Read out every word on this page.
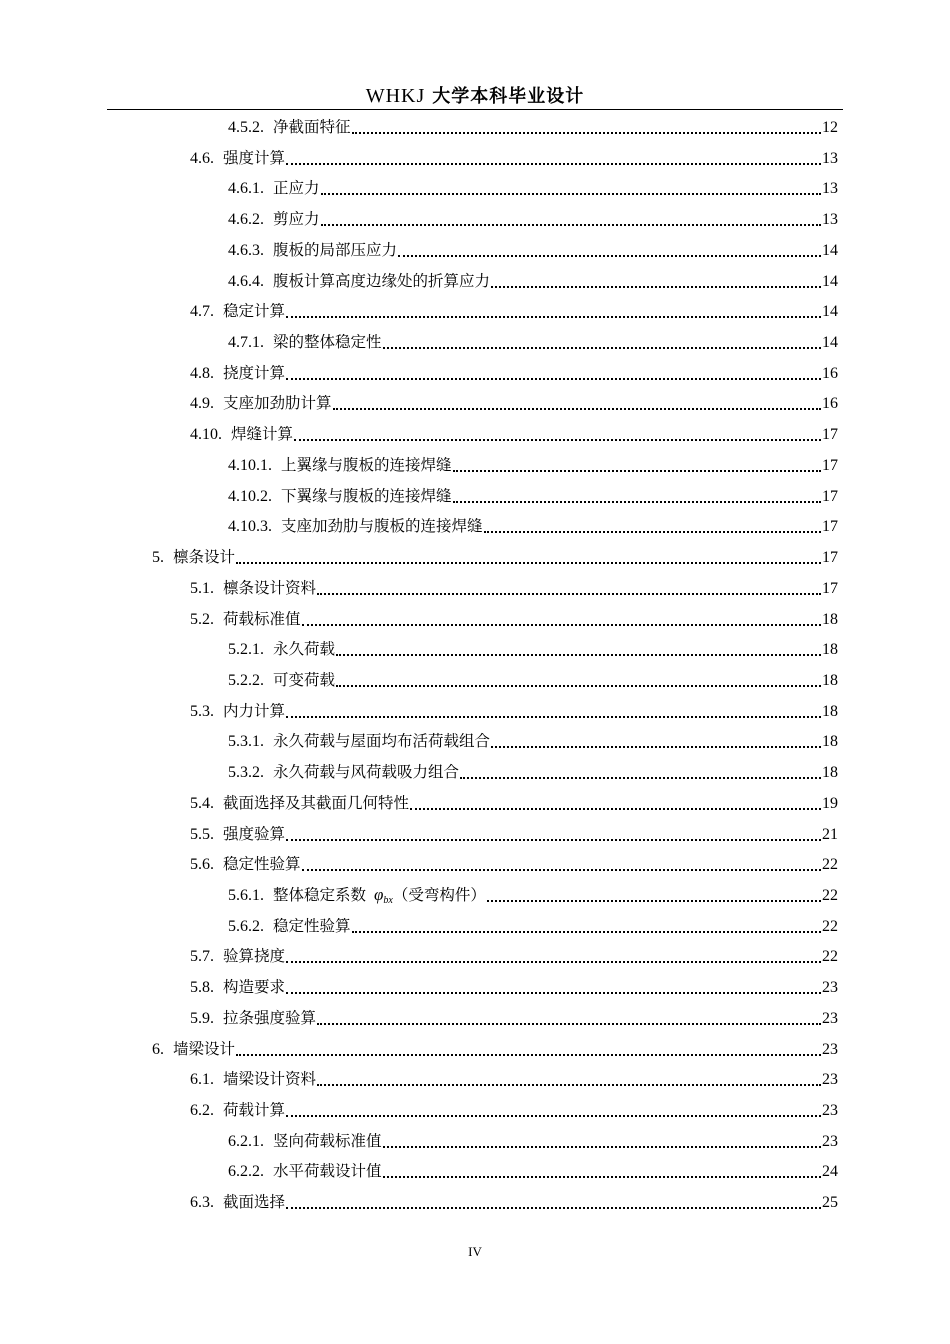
WHKJ 大学本科毕业设计
4.5.2. 净截面特征	12
4.6. 强度计算	13
4.6.1. 正应力	13
4.6.2. 剪应力	13
4.6.3. 腹板的局部压应力	14
4.6.4. 腹板计算高度边缘处的折算应力	14
4.7. 稳定计算	14
4.7.1. 梁的整体稳定性	14
4.8. 挠度计算	16
4.9. 支座加劲肋计算	16
4.10. 焊缝计算	17
4.10.1. 上翼缘与腹板的连接焊缝	17
4.10.2. 下翼缘与腹板的连接焊缝	17
4.10.3. 支座加劲肋与腹板的连接焊缝	17
5. 檩条设计	17
5.1. 檩条设计资料	17
5.2. 荷载标准值	18
5.2.1. 永久荷载	18
5.2.2. 可变荷载	18
5.3. 内力计算	18
5.3.1. 永久荷载与屋面均布活荷载组合	18
5.3.2. 永久荷载与风荷载吸力组合	18
5.4. 截面选择及其截面几何特性	19
5.5. 强度验算	21
5.6. 稳定性验算	22
5.6.1. 整体稳定系数 φ bx （受弯构件）	22
5.6.2. 稳定性验算	22
5.7. 验算挠度	22
5.8. 构造要求	23
5.9. 拉条强度验算	23
6. 墙梁设计	23
6.1. 墙梁设计资料	23
6.2. 荷载计算	23
6.2.1. 竖向荷载标准值	23
6.2.2. 水平荷载设计值	24
6.3. 截面选择	25
IV
